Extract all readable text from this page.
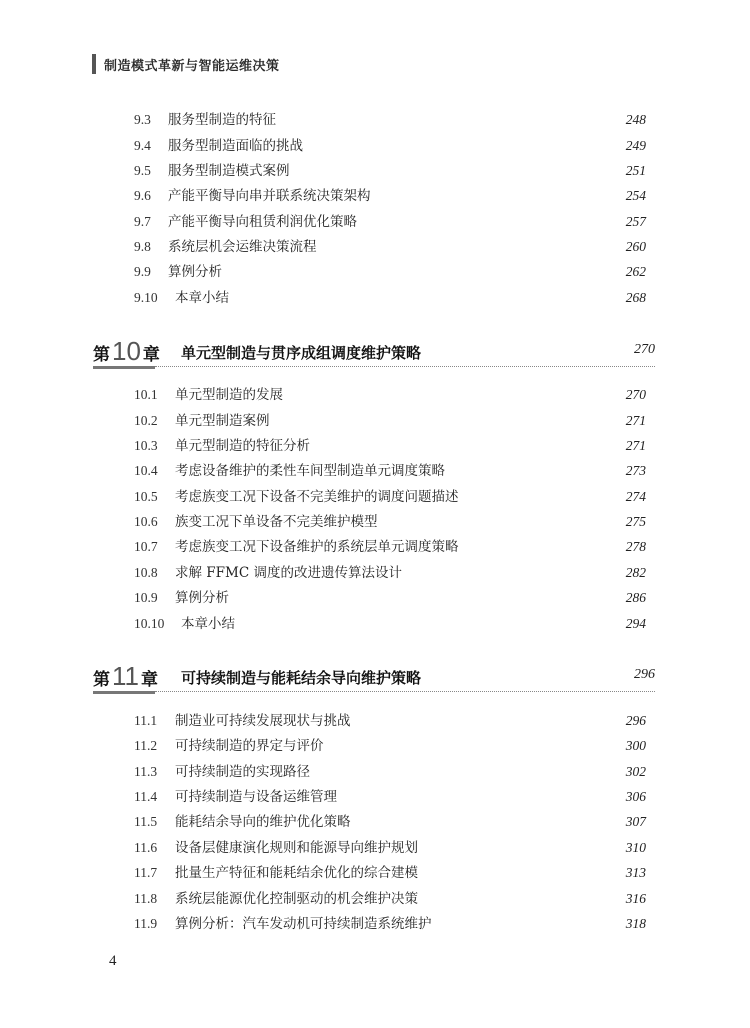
制造模式革新与智能运维决策
9.3 服务型制造的特征	248
9.4 服务型制造面临的挑战	249
9.5 服务型制造模式案例	251
9.6 产能平衡导向串并联系统决策架构	254
9.7 产能平衡导向租赁利润优化策略	257
9.8 系统层机会运维决策流程	260
9.9 算例分析	262
9.10 本章小结	268
第 10 章 单元型制造与贯序成组调度维护策略	270
10.1 单元型制造的发展	270
10.2 单元型制造案例	271
10.3 单元型制造的特征分析	271
10.4 考虑设备维护的柔性车间型制造单元调度策略	273
10.5 考虑族变工况下设备不完美维护的调度问题描述	274
10.6 族变工况下单设备不完美维护模型	275
10.7 考虑族变工况下设备维护的系统层单元调度策略	278
10.8 求解 FFMC 调度的改进遗传算法设计	282
10.9 算例分析	286
10.10 本章小结	294
第 11 章 可持续制造与能耗结余导向维护策略	296
11.1 制造业可持续发展现状与挑战	296
11.2 可持续制造的界定与评价	300
11.3 可持续制造的实现路径	302
11.4 可持续制造与设备运维管理	306
11.5 能耗结余导向的维护优化策略	307
11.6 设备层健康演化规则和能源导向维护规划	310
11.7 批量生产特征和能耗结余优化的综合建模	313
11.8 系统层能源优化控制驱动的机会维护决策	316
11.9 算例分析：汽车发动机可持续制造系统维护	318
4
